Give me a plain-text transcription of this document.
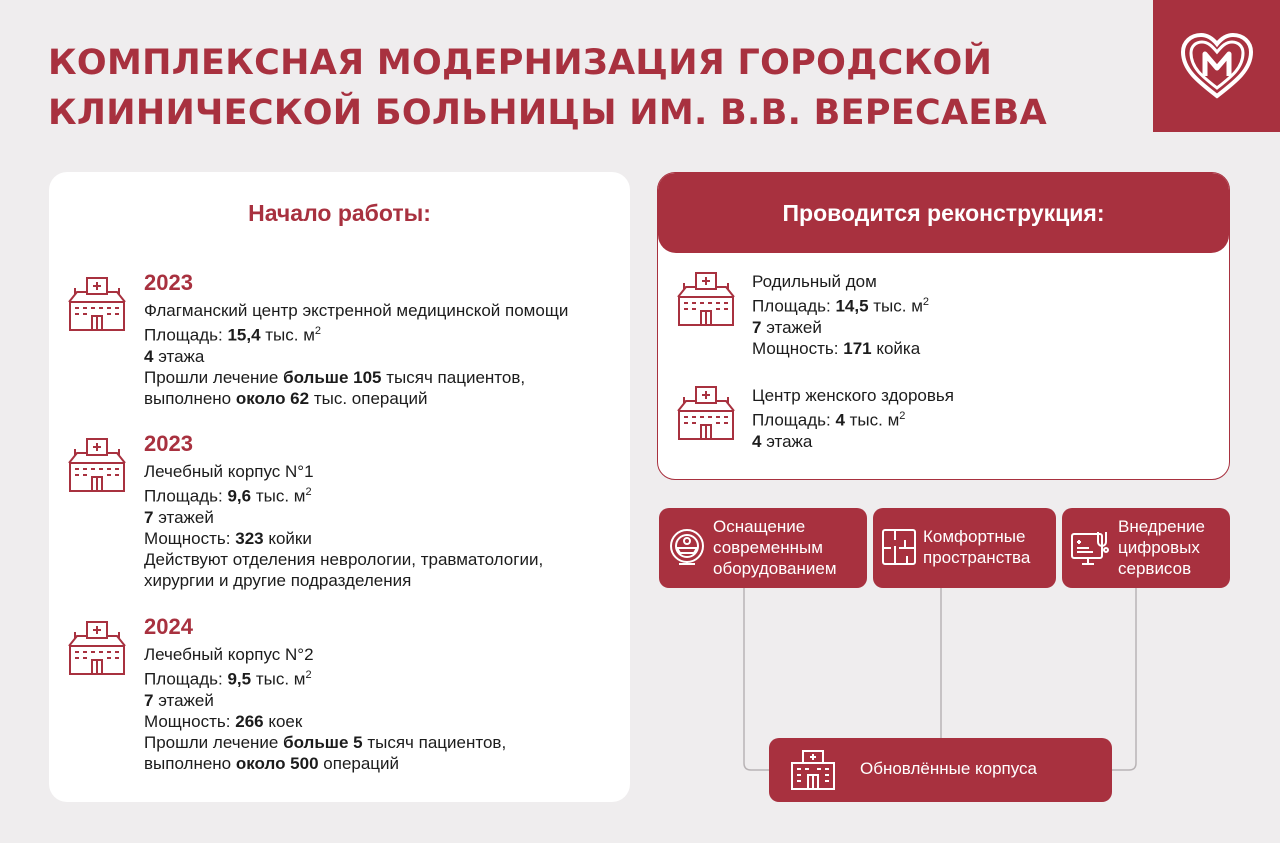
КОМПЛЕКСНАЯ МОДЕРНИЗАЦИЯ ГОРОДСКОЙ
КЛИНИЧЕСКОЙ БОЛЬНИЦЫ ИМ. В.В. ВЕРЕСАЕВА
Начало работы:
2023
Флагманский центр экстренной медицинской помощи
Площадь: 15,4 тыс. $м^2$
4 этажа
Прошли лечение больше 105 тысяч пациентов,
выполнено около 62 тыс. операций
2023
Лечебный корпус N°1
Площадь: 9,6 тыс. $м^2$
7 этажей
Мощность: 323 койки
Действуют отделения неврологии, травматологии,
хирургии и другие подразделения
2024
Лечебный корпус N°2
Площадь: 9,5 тыс. $м^2$
7 этажей
Мощность: 266 коек
Прошли лечение больше 5 тысяч пациентов,
выполнено около 500 операций
Проводится реконструкция:
Родильный дом
Площадь: 14,5 тыс. $м^2$
7 этажей
Мощность: 171 койка
Центр женского здоровья
Площадь: 4 тыс. $м^2$
4 этажа
Оснащение
современным
оборудованием
Комфортные
пространства
Внедрение
цифровых
сервисов
Обновлённые корпуса
